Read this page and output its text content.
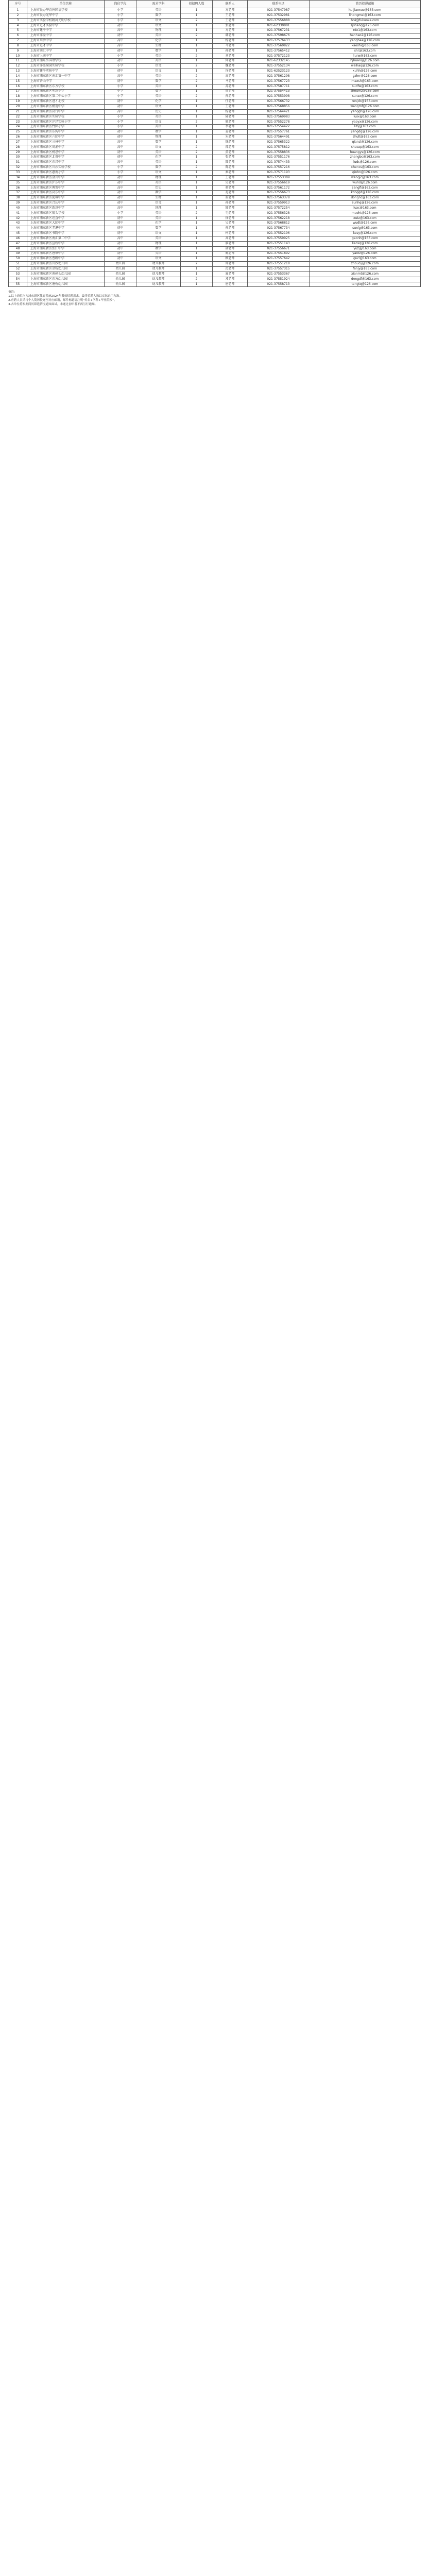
序号	单位名称	岗位学段	需求学科	拟招聘人数	联系人	联系电话	简历投递邮箱
1	上海市民办华育外国语学校	小学	英语	1	方老师	021-37547987	huijiaoxue@163.com
2	上海市民办光华中学	小学	数学	1	王老师	021-37532981	lihongmei@163.com
3	上海市实验学校附属光明学校	小学	语文	2	王老师	021-37556888	hr4@fukuoka.com
4	上海市进才实验中学	初中	语文	1	张老师	021-62330881	zjshang@126.com
5	上海市建平中学	高中	物理	1	方老师	021-37567231	rdx1@163.com
6	上海市洋泾中学	初中	英语	2	韩老师	021-37598676	hanhao2@126.com
7	上海市川沙中学	高中	化学	1	杨老师	021-37576433	yanghaa@126.com
8	上海市进才中学	高中	生物	1	马老师	021-37560822	kaoshi@163.com
9	上海市南汇中学	初中	数学	1	孙老师	021-37565412	shr@163.com
10	上海市上南中学	小学	英语	2	刘老师	021-37572123	liurw@163.com
11	上海市浦东外国语学校	初中	英语	1	何老师	021-62332145	hjhuang@126.com
12	上海市洋泾菊园实验学校	小学	语文	2	魏老师	021-37552134	weihaq@126.com
13	上海市建平实验中学	初中	语文	1	许老师	021-62523123	xuhh@126.com
14	上海市浦东新区南汇第一中学	高中	英语	2	高老师	021-37561298	gzhrr@126.com
15	上海市香山中学	初中	数学	2	马老师	021-37567723	maxsh@163.com
16	上海市浦东新区东方学校	小学	英语	1	苏老师	021-37587711	sudfw@163.com
17	上海市浦东新区明珠小学	小学	数学	1	周老师	021-37554413	zhoumz@163.com
18	上海市浦东新区第二中心小学	小学	英语	2	孙老师	021-37553998	sunzx@126.com
19	上海市浦东新区进才北校	初中	化学	1	任老师	021-37566732	renjcb@163.com
20	上海市浦东新区模范中学	初中	语文	1	王老师	021-37568856	wangmf@126.com
21	上海市浦东新区高行中学	高中	历史	1	杨老师	021-37564421	yanggh@126.com
22	上海市浦东新区实验学校	小学	英语	1	陆老师	021-37569983	lusx@163.com
23	上海市浦东新区洋泾实验小学	小学	语文	2	姚老师	021-37552278	yaoyx@126.com
24	上海市浦东新区竹园小学	小学	英语	1	李老师	021-37554422	lizy@163.com
25	上海市浦东新区东沟中学	初中	数学	1	姜老师	021-37557761	jiangdg@126.com
26	上海市浦东新区六团中学	初中	物理	1	朱老师	021-37564491	zhult@163.com
27	上海市浦东新区三林中学	高中	数学	1	钱老师	021-37565322	qiansl@126.com
28	上海市浦东新区周浦中学	高中	语文	2	邵老师	021-37575812	shaozp@163.com
29	上海市浦东新区杨思中学	初中	英语	2	黄老师	021-37558836	huangys@126.com
30	上海市浦东新区北蔡中学	初中	化学	1	张老师	021-37551176	zhangbc@163.com
31	上海市浦东新区东昌中学	高中	英语	1	陆老师	021-37574433	ludc@126.com
32	上海市浦东新区川沙实验学校	小学	数学	2	陈老师	021-37557216	chencs@163.com
33	上海市浦东新区惠南小学	小学	语文	1	秦老师	021-37571193	qinhn@126.com
34	上海市浦东新区金川中学	初中	物理	1	王老师	021-37553389	wangjc@163.com
35	上海市浦东新区沪东中学	初中	英语	1	吴老师	021-37556619	wuhd@126.com
36	上海市浦东新区傅雷中学	高中	历史	1	蒋老师	021-37561172	jiangfl@163.com
37	上海市浦东新区高东中学	初中	数学	1	孔老师	021-37556673	konggd@126.com
38	上海市浦东新区泥城中学	初中	生物	1	董老师	021-37563378	dongnc@163.com
39	上海市浦东新区合庆中学	初中	语文	1	孙老师	021-37559913	sunhq@126.com
40	上海市浦东新区新场中学	高中	地理	1	陆老师	021-37572254	luxc@163.com
41	上海市浦东新区航头学校	小学	英语	2	毛老师	021-37556328	maoht@126.com
42	上海市浦东新区坦直中学	初中	英语	1	徐老师	021-37562218	xutz@163.com
43	上海市浦东新区大团中学	初中	化学	1	吴老师	021-37568812	wudt@126.com
44	上海市浦东新区老港中学	初中	数学	1	孙老师	021-37567734	sunlg@163.com
45	上海市浦东新区书院中学	初中	语文	1	柯老师	021-37552196	kesy@126.com
46	上海市浦东新区南汇第二中学	高中	英语	1	高老师	021-37559925	gaonh@163.com
47	上海市浦东新区宣桥中学	初中	物理	1	廖老师	021-37551143	liaoxq@126.com
48	上海市浦东新区张江中学	初中	数学	1	俞老师	021-37556671	yuzj@163.com
49	上海市浦东新区唐镇中学	初中	英语	1	姚老师	021-37551892	yaotz@126.com
50	上海市浦东新区曹路中学	初中	语文	1	顾老师	021-37557642	gucl@163.com
51	上海市浦东新区川沙幼儿园	幼儿园	幼儿教师	2	周老师	021-37551218	zhoucy@126.com
52	上海市浦东新区金杨幼儿园	幼儿园	幼儿教师	1	范老师	021-37557315	fanjy@163.com
53	上海市浦东新区南码头幼儿园	幼儿园	幼儿教师	1	夏老师	021-37553367	xianmt@126.com
54	上海市浦东新区东方幼儿园	幼儿园	幼儿教师	2	邓老师	021-37551924	dengdf@163.com
55	上海市浦东新区塘桥幼儿园	幼儿园	幼儿教师	1	唐老师	021-37558713	tangtq@126.com
备注：
1.以上岗位均为浦东新区教育系统2024年教师招聘需求，最终招聘人数以实际录用为准。
2.应聘人员请将个人简历投递至对应邮箱，邮件标题请注明“姓名+学科+毕业院校”。
3.各单位将根据简历筛选情况通知面试，未通过初审者不再另行通知。
